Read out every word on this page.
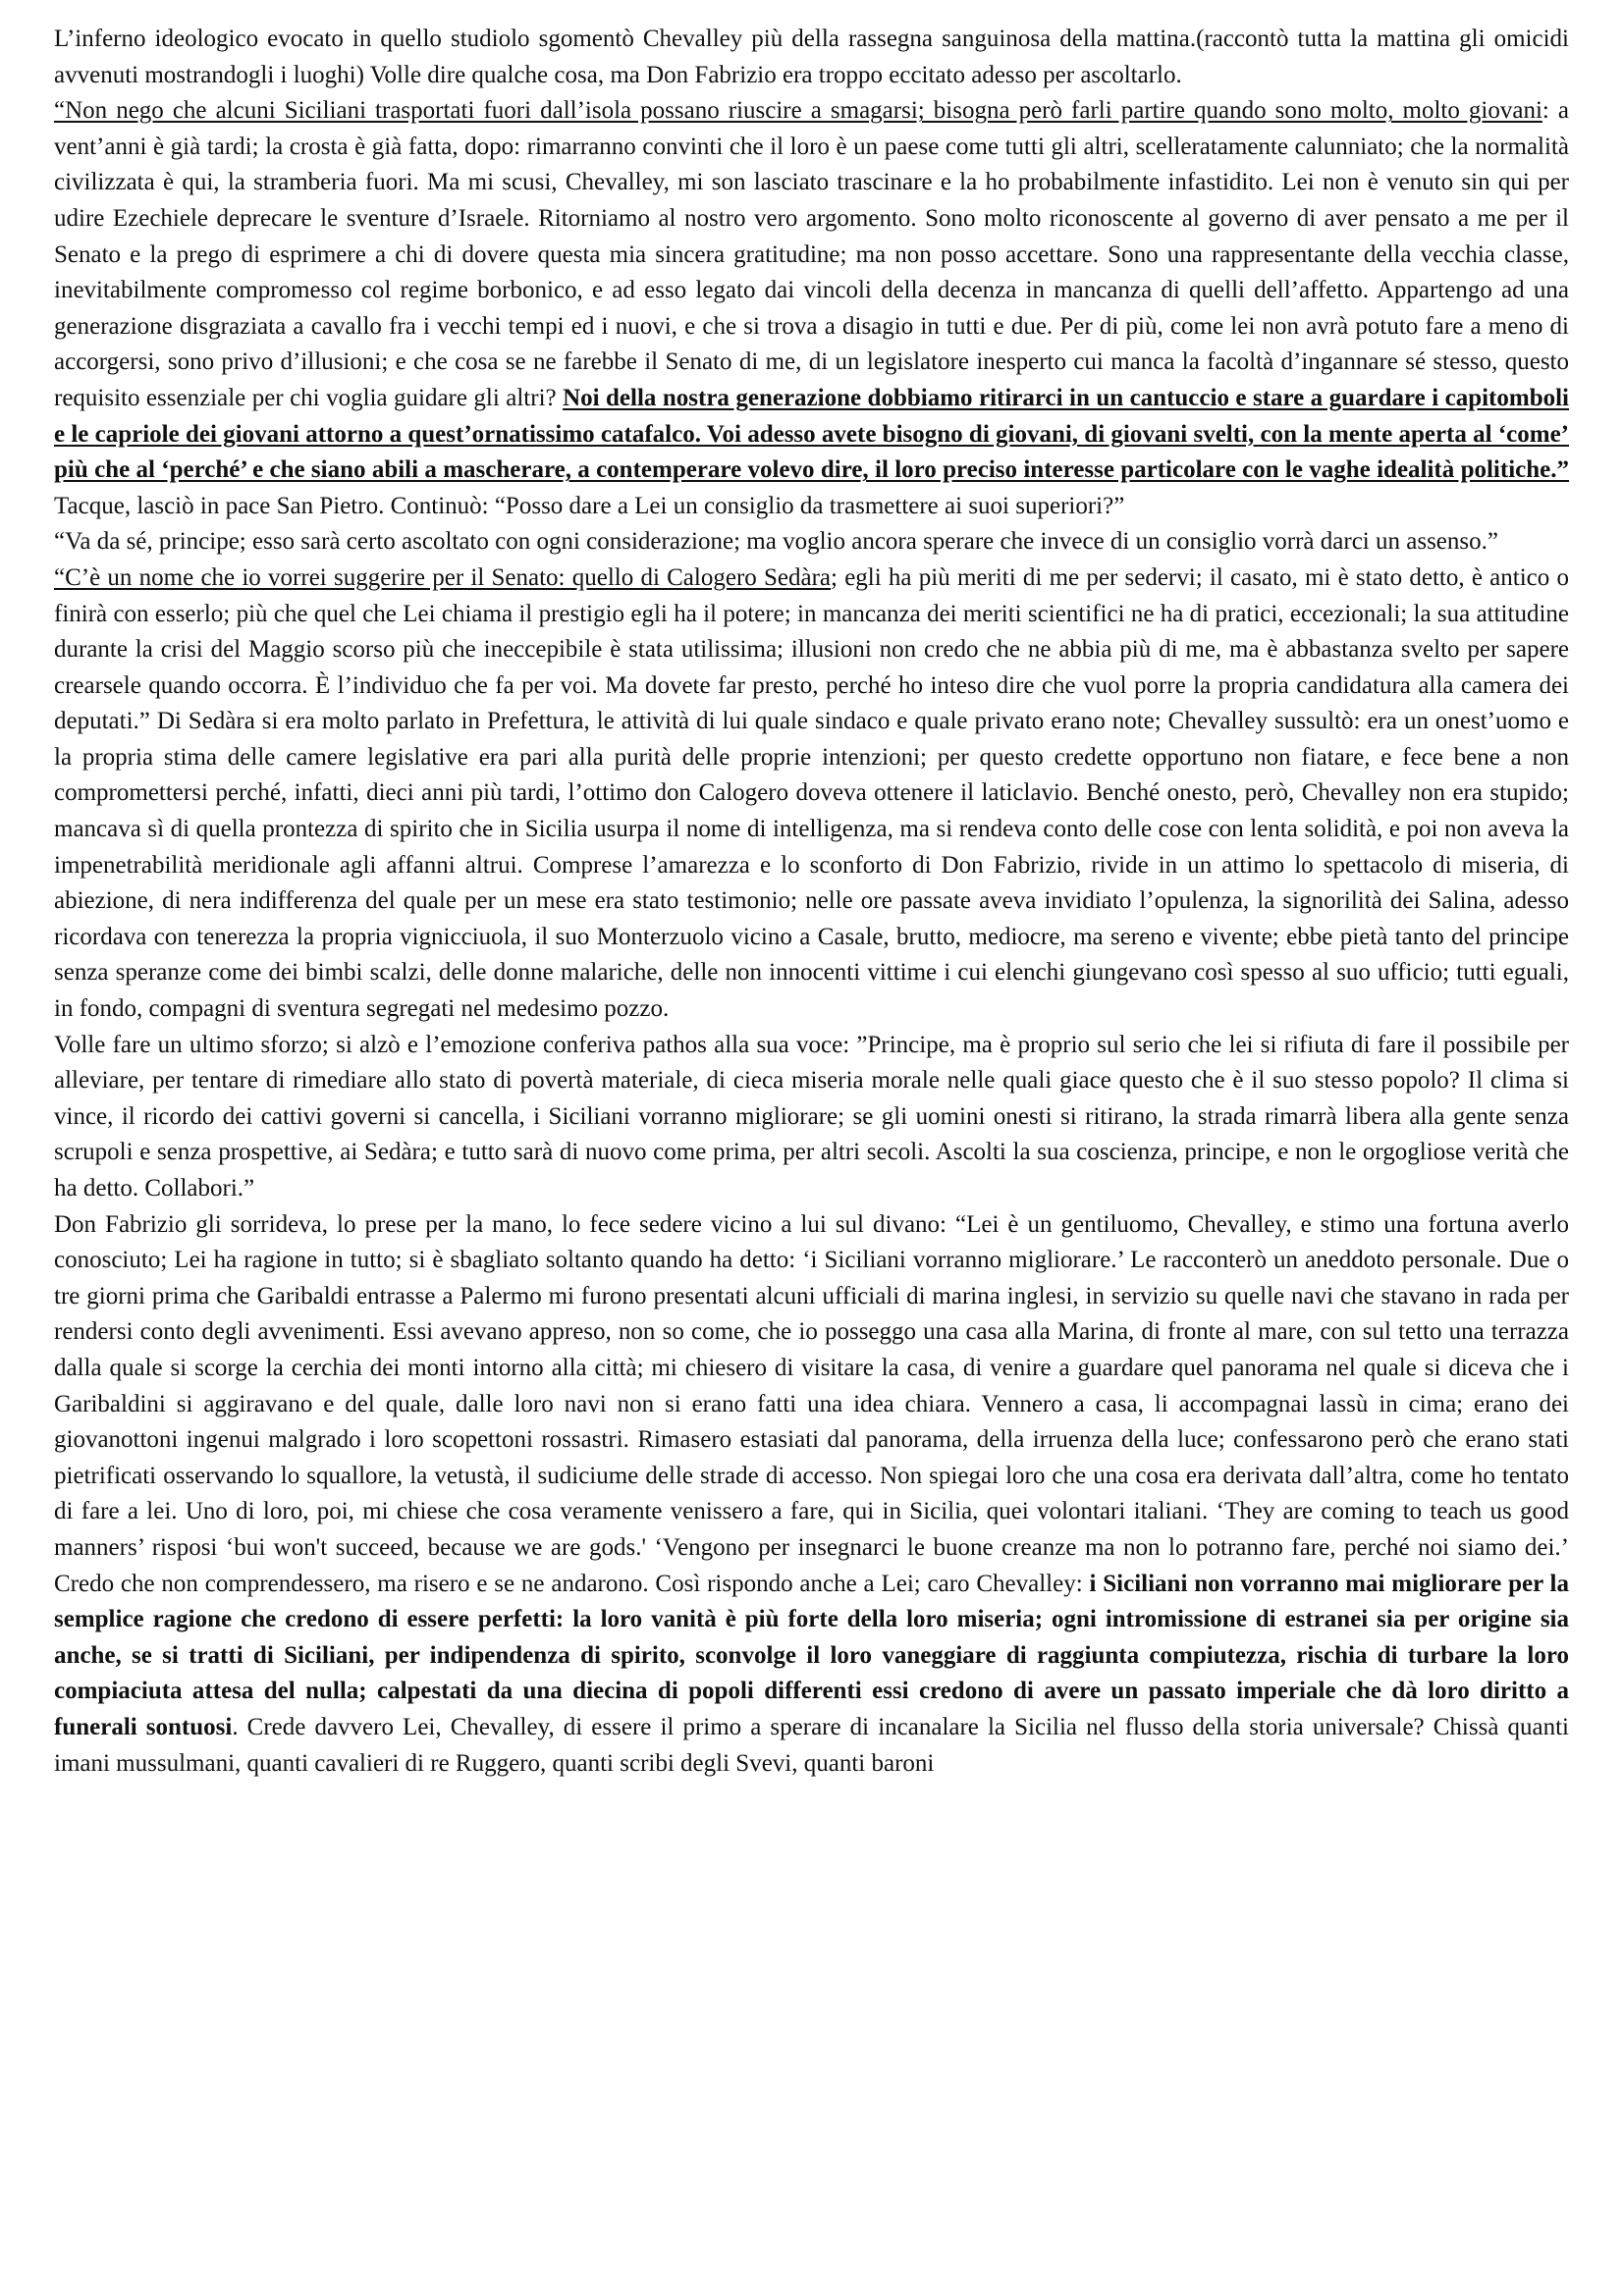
L’inferno ideologico evocato in quello studiolo sgomentò Chevalley più della rassegna sanguinosa della mattina.(raccontò tutta la mattina gli omicidi avvenuti mostrandogli i luoghi) Volle dire qualche cosa, ma Don Fabrizio era troppo eccitato adesso per ascoltarlo.

“Non nego che alcuni Siciliani trasportati fuori dall’isola possano riuscire a smagarsi; bisogna però farli partire quando sono molto, molto giovani: a vent’anni è già tardi; la crosta è già fatta, dopo: rimarranno convinti che il loro è un paese come tutti gli altri, scelleratamente calunniato; che la normalità civilizzata è qui, la stramberia fuori. Ma mi scusi, Chevalley, mi son lasciato trascinare e la ho probabilmente infastidito. Lei non è venuto sin qui per udire Ezechiele deprecare le sventure d’Israele. Ritorniamo al nostro vero argomento. Sono molto riconoscente al governo di aver pensato a me per il Senato e la prego di esprimere a chi di dovere questa mia sincera gratitudine; ma non posso accettare. Sono una rappresentante della vecchia classe, inevitabilmente compromesso col regime borbonico, e ad esso legato dai vincoli della decenza in mancanza di quelli dell’affetto. Appartengo ad una generazione disgraziata a cavallo fra i vecchi tempi ed i nuovi, e che si trova a disagio in tutti e due. Per di più, come lei non avrà potuto fare a meno di accorgersi, sono privo d’illusioni; e che cosa se ne farebbe il Senato di me, di un legislatore inesperto cui manca la facoltà d’ingannare sé stesso, questo requisito essenziale per chi voglia guidare gli altri? Noi della nostra generazione dobbiamo ritirarci in un cantuccio e stare a guardare i capitomboli e le capriole dei giovani attorno a quest’ornatissimo catafalco. Voi adesso avete bisogno di giovani, di giovani svelti, con la mente aperta al ‘come’ più che al ‘perché’ e che siano abili a mascherare, a contemperare volevo dire, il loro preciso interesse particolare con le vaghe idealità politiche.” Tacque, lasciò in pace San Pietro. Continuò: “Posso dare a Lei un consiglio da trasmettere ai suoi superiori?”

“Va da sé, principe; esso sarà certo ascoltato con ogni considerazione; ma voglio ancora sperare che invece di un consiglio vorrà darci un assenso.”

“C’è un nome che io vorrei suggerire per il Senato: quello di Calogero Sedàra; egli ha più meriti di me per sedervi; il casato, mi è stato detto, è antico o finirà con esserlo; più che quel che Lei chiama il prestigio egli ha il potere; in mancanza dei meriti scientifici ne ha di pratici, eccezionali; la sua attitudine durante la crisi del Maggio scorso più che ineccepibile è stata utilissima; illusioni non credo che ne abbia più di me, ma è abbastanza svelto per sapere crearsele quando occorra. È l’individuo che fa per voi. Ma dovete far presto, perché ho inteso dire che vuol porre la propria candidatura alla camera dei deputati.” Di Sedàra si era molto parlato in Prefettura, le attività di lui quale sindaco e quale privato erano note; Chevalley sussultò: era un onest’uomo e la propria stima delle camere legislative era pari alla purità delle proprie intenzioni; per questo credette opportuno non fiatare, e fece bene a non compromettersi perché, infatti, dieci anni più tardi, l’ottimo don Calogero doveva ottenere il laticlavio. Benché onesto, però, Chevalley non era stupido; mancava sì di quella prontezza di spirito che in Sicilia usurpa il nome di intelligenza, ma si rendeva conto delle cose con lenta solidità, e poi non aveva la impenetrabilità meridionale agli affanni altrui. Comprese l’amarezza e lo sconforto di Don Fabrizio, rivide in un attimo lo spettacolo di miseria, di abiezione, di nera indifferenza del quale per un mese era stato testimonio; nelle ore passate aveva invidiato l’opulenza, la signorilità dei Salina, adesso ricordava con tenerezza la propria vignicciuola, il suo Monterzuolo vicino a Casale, brutto, mediocre, ma sereno e vivente; ebbe pietà tanto del principe senza speranze come dei bimbi scalzi, delle donne malariche, delle non innocenti vittime i cui elenchi giungevano così spesso al suo ufficio; tutti eguali, in fondo, compagni di sventura segregati nel medesimo pozzo.

Volle fare un ultimo sforzo; si alzò e l’emozione conferiva pathos alla sua voce: ”Principe, ma è proprio sul serio che lei si rifiuta di fare il possibile per alleviare, per tentare di rimediare allo stato di povertà materiale, di cieca miseria morale nelle quali giace questo che è il suo stesso popolo? Il clima si vince, il ricordo dei cattivi governi si cancella, i Siciliani vorranno migliorare; se gli uomini onesti si ritirano, la strada rimarrà libera alla gente senza scrupoli e senza prospettive, ai Sedàra; e tutto sarà di nuovo come prima, per altri secoli. Ascolti la sua coscienza, principe, e non le orgogliose verità che ha detto. Collabori.”

Don Fabrizio gli sorrideva, lo prese per la mano, lo fece sedere vicino a lui sul divano: “Lei è un gentiluomo, Chevalley, e stimo una fortuna averlo conosciuto; Lei ha ragione in tutto; si è sbagliato soltanto quando ha detto: ‘i Siciliani vorranno migliorare.’ Le racconterò un aneddoto personale. Due o tre giorni prima che Garibaldi entrasse a Palermo mi furono presentati alcuni ufficiali di marina inglesi, in servizio su quelle navi che stavano in rada per rendersi conto degli avvenimenti. Essi avevano appreso, non so come, che io posseggo una casa alla Marina, di fronte al mare, con sul tetto una terrazza dalla quale si scorge la cerchia dei monti intorno alla città; mi chiesero di visitare la casa, di venire a guardare quel panorama nel quale si diceva che i Garibaldini si aggiravano e del quale, dalle loro navi non si erano fatti una idea chiara. Vennero a casa, li accompagnai lassù in cima; erano dei giovanottoni ingenui malgrado i loro scopettoni rossastri. Rimasero estasiati dal panorama, della irruenza della luce; confessarono però che erano stati pietrificati osservando lo squallore, la vetustà, il sudiciume delle strade di accesso. Non spiegai loro che una cosa era derivata dall’altra, come ho tentato di fare a lei. Uno di loro, poi, mi chiese che cosa veramente venissero a fare, qui in Sicilia, quei volontari italiani. ‘They are coming to teach us good manners’ risposi ‘bui won't succeed, because we are gods.' ‘Vengono per insegnarci le buone creanze ma non lo potranno fare, perché noi siamo dei.’ Credo che non comprendessero, ma risero e se ne andarono. Così rispondo anche a Lei; caro Chevalley: i Siciliani non vorranno mai migliorare per la semplice ragione che credono di essere perfetti: la loro vanità è più forte della loro miseria; ogni intromissione di estranei sia per origine sia anche, se si tratti di Siciliani, per indipendenza di spirito, sconvolge il loro vaneggiare di raggiunta compiutezza, rischia di turbare la loro compiaciuta attesa del nulla; calpestati da una diecina di popoli differenti essi credono di avere un passato imperiale che dà loro diritto a funerali sontuosi. Crede davvero Lei, Chevalley, di essere il primo a sperare di incanalare la Sicilia nel flusso della storia universale? Chissà quanti imani mussulmani, quanti cavalieri di re Ruggero, quanti scribi degli Svevi, quanti baroni
